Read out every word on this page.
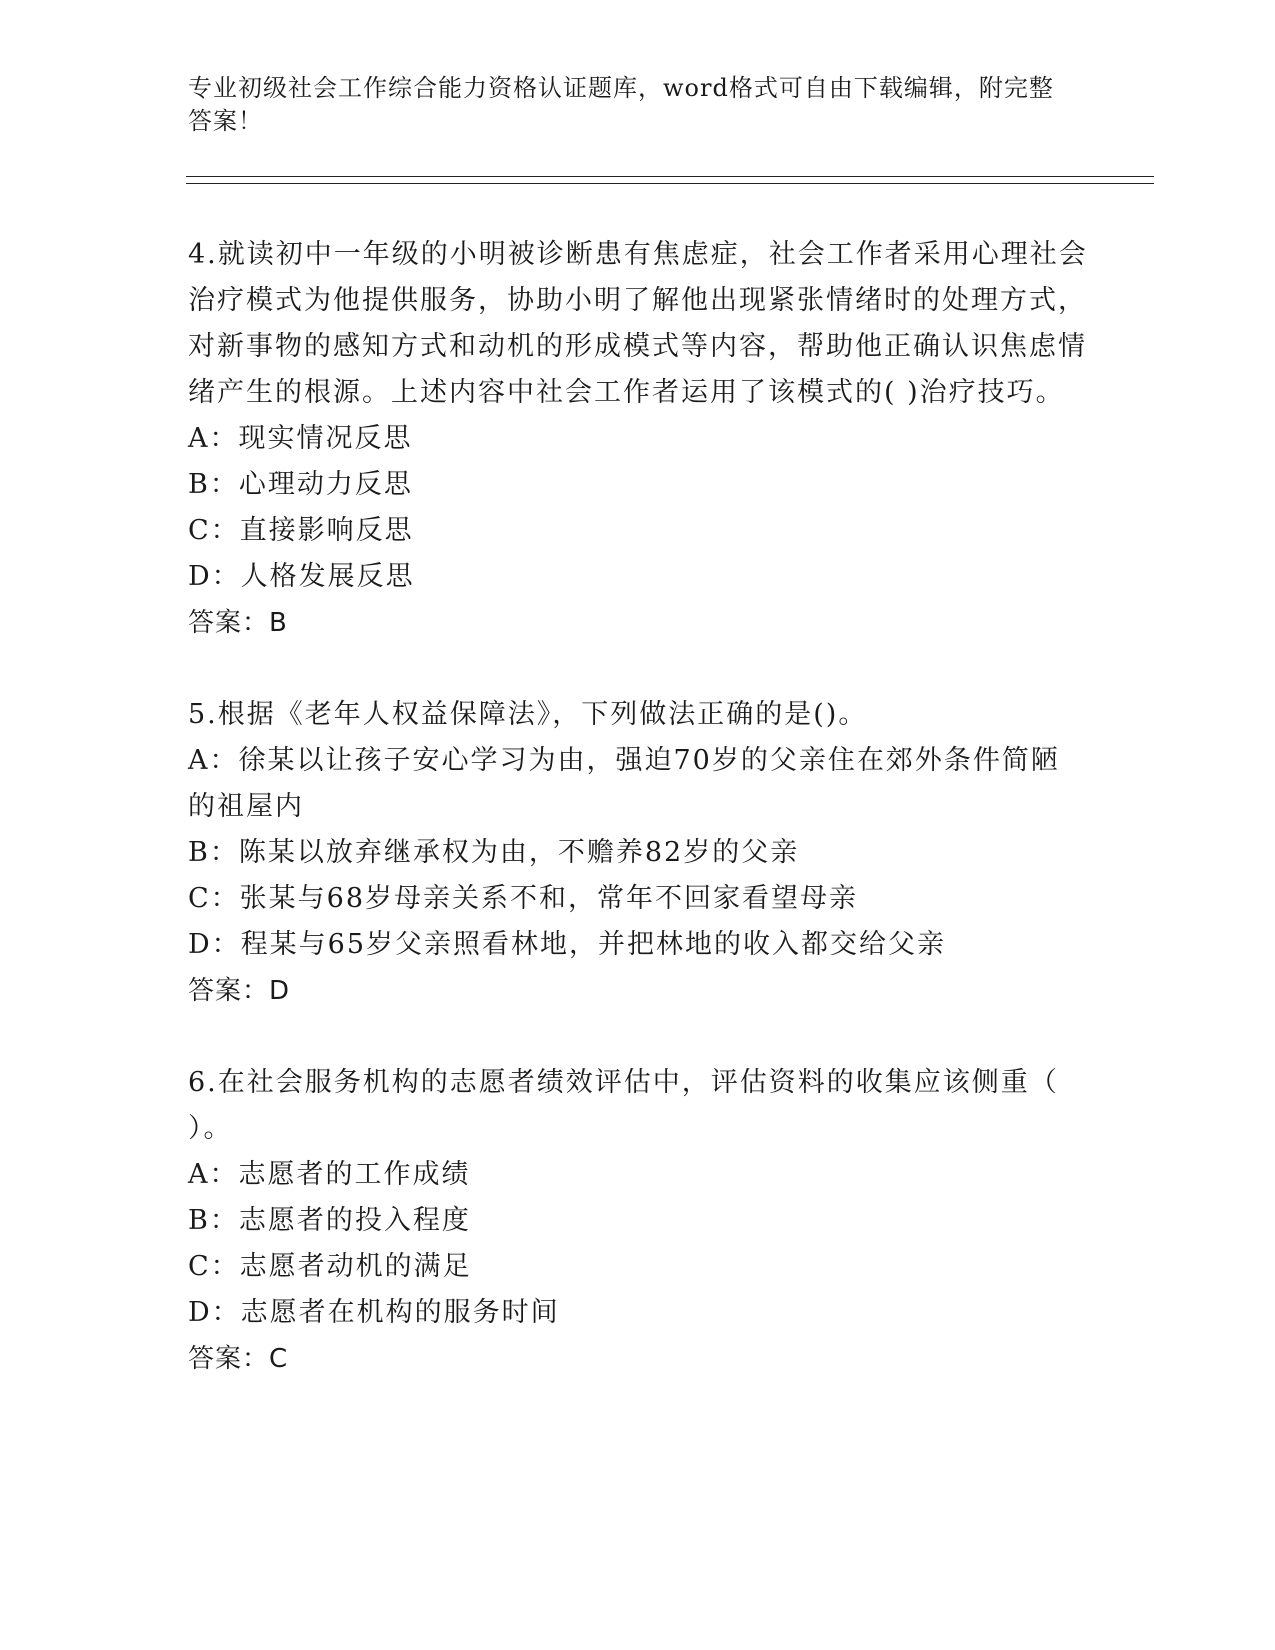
专业初级社会工作综合能力资格认证题库，word格式可自由下载编辑，附完整答案！
4.就读初中一年级的小明被诊断患有焦虑症，社会工作者采用心理社会治疗模式为他提供服务，协助小明了解他出现紧张情绪时的处理方式，对新事物的感知方式和动机的形成模式等内容，帮助他正确认识焦虑情绪产生的根源。上述内容中社会工作者运用了该模式的( )治疗技巧。
A：现实情况反思
B：心理动力反思
C：直接影响反思
D：人格发展反思
答案：B
5.根据《老年人权益保障法》，下列做法正确的是()。
A：徐某以让孩子安心学习为由，强迫70岁的父亲住在郊外条件简陋的祖屋内
B：陈某以放弃继承权为由，不赡养82岁的父亲
C：张某与68岁母亲关系不和，常年不回家看望母亲
D：程某与65岁父亲照看林地，并把林地的收入都交给父亲
答案：D
6.在社会服务机构的志愿者绩效评估中，评估资料的收集应该侧重（     ）。
A：志愿者的工作成绩
B：志愿者的投入程度
C：志愿者动机的满足
D：志愿者在机构的服务时间
答案：C
